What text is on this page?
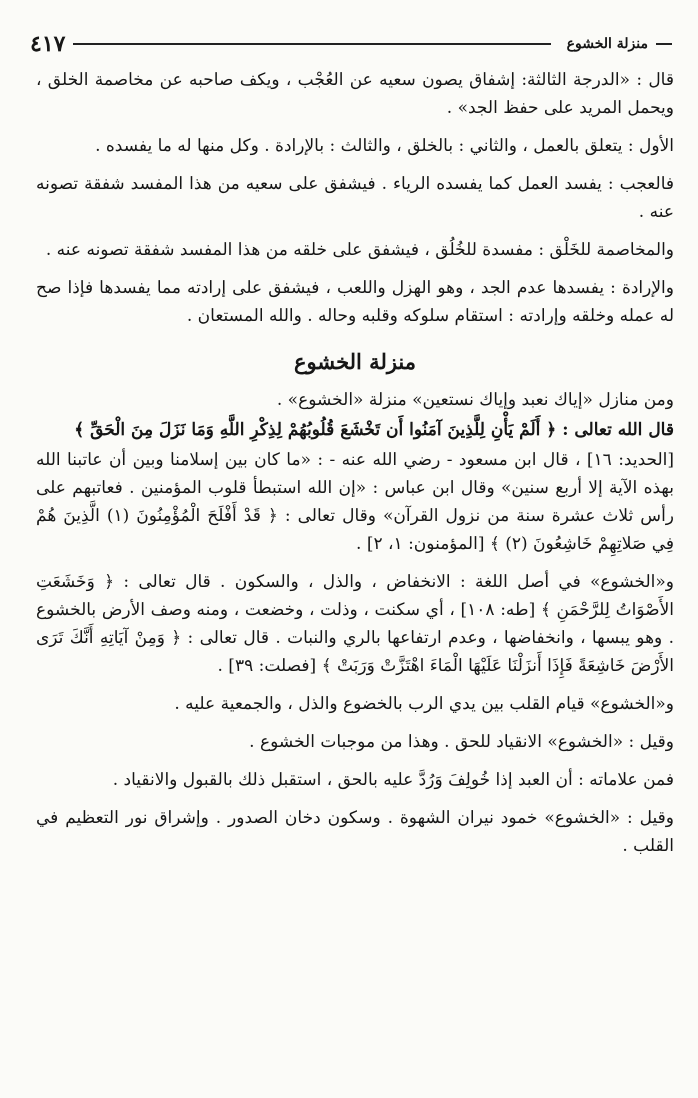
منزلة الخشوع
٤١٧

قال : «الدرجة الثالثة: إشفاق يصون سعيه عن العُجْب ، ويكف صاحبه عن مخاصمة الخلق ، ويحمل المريد على حفظ الجد» .

الأول : يتعلق بالعمل ، والثاني : بالخلق ، والثالث : بالإرادة . وكل منها له ما يفسده .

فالعجب : يفسد العمل كما يفسده الرياء . فيشفق على سعيه من هذا المفسد شفقة تصونه عنه .

والمخاصمة للخَلْق : مفسدة للخُلُق ، فيشفق على خلقه من هذا المفسد شفقة تصونه عنه .

والإرادة : يفسدها عدم الجد ، وهو الهزل واللعب ، فيشفق على إرادته مما يفسدها فإذا صح له عمله وخلقه وإرادته : استقام سلوكه وقلبه وحاله . والله المستعان .

منزلة الخشوع

ومن منازل «إياك نعبد وإياك نستعين» منزلة «الخشوع» .

قال الله تعالى : ﴿ أَلَمْ يَأْنِ لِلَّذِينَ آمَنُوا أَن تَخْشَعَ قُلُوبُهُمْ لِذِكْرِ اللَّهِ وَمَا نَزَلَ مِنَ الْحَقِّ ﴾

[الحديد: ١٦] ، قال ابن مسعود - رضي الله عنه - : «ما كان بين إسلامنا وبين أن عاتبنا الله بهذه الآية إلا أربع سنين» وقال ابن عباس : «إن الله استبطأ قلوب المؤمنين . فعاتبهم على رأس ثلاث عشرة سنة من نزول القرآن» وقال تعالى : ﴿ قَدْ أَفْلَحَ الْمُؤْمِنُونَ (١) الَّذِينَ هُمْ فِي صَلاتِهِمْ خَاشِعُونَ (٢) ﴾ [المؤمنون: ١، ٢] .

و«الخشوع» في أصل اللغة : الانخفاض ، والذل ، والسكون . قال تعالى : ﴿ وَخَشَعَتِ الأَصْوَاتُ لِلرَّحْمَنِ ﴾ [طه: ١٠٨] ، أي سكنت ، وذلت ، وخضعت ، ومنه وصف الأرض بالخشوع . وهو يبسها ، وانخفاضها ، وعدم ارتفاعها بالري والنبات . قال تعالى : ﴿ وَمِنْ آيَاتِهِ أَنَّكَ تَرَى الأَرْضَ خَاشِعَةً فَإِذَا أَنزَلْنَا عَلَيْهَا الْمَاءَ اهْتَزَّتْ وَرَبَتْ ﴾ [فصلت: ٣٩] .

و«الخشوع» قيام القلب بين يدي الرب بالخضوع والذل ، والجمعية عليه .

وقيل : «الخشوع» الانقياد للحق . وهذا من موجبات الخشوع .

فمن علاماته : أن العبد إذا خُولِفَ وَرُدَّ عليه بالحق ، استقبل ذلك بالقبول والانقياد .

وقيل : «الخشوع» خمود نيران الشهوة . وسكون دخان الصدور . وإشراق نور التعظيم في القلب .
